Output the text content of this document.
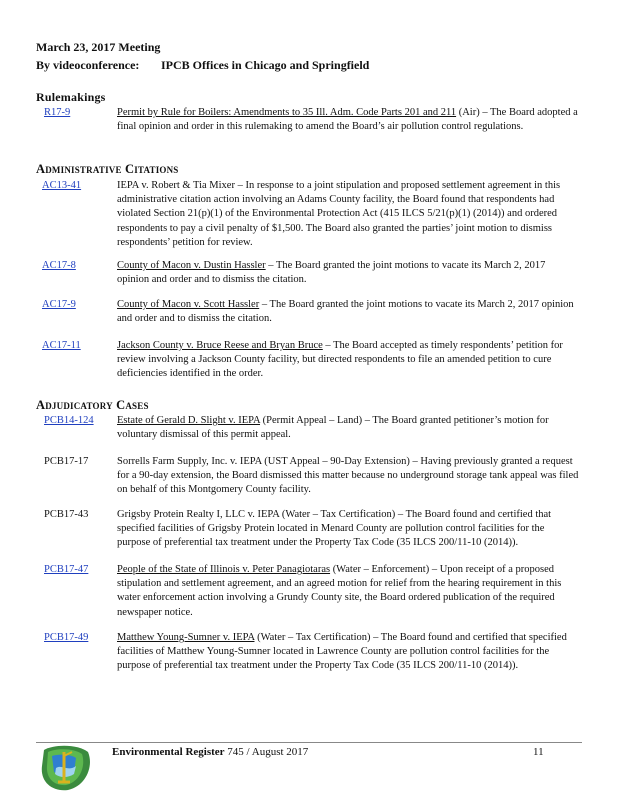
March 23, 2017 Meeting
By videoconference: IPCB Offices in Chicago and Springfield
Rulemakings
R17-9	Permit by Rule for Boilers: Amendments to 35 Ill. Adm. Code Parts 201 and 211 (Air) – The Board adopted a final opinion and order in this rulemaking to amend the Board’s air pollution control regulations.
Administrative Citations
AC13-41	IEPA v. Robert & Tia Mixer – In response to a joint stipulation and proposed settlement agreement in this administrative citation action involving an Adams County facility, the Board found that respondents had violated Section 21(p)(1) of the Environmental Protection Act (415 ILCS 5/21(p)(1) (2014)) and ordered respondents to pay a civil penalty of $1,500. The Board also granted the parties’ joint motion to dismiss respondents’ petition for review.
AC17-8	County of Macon v. Dustin Hassler – The Board granted the joint motions to vacate its March 2, 2017 opinion and order and to dismiss the citation.
AC17-9	County of Macon v. Scott Hassler – The Board granted the joint motions to vacate its March 2, 2017 opinion and order and to dismiss the citation.
AC17-11	Jackson County v. Bruce Reese and Bryan Bruce – The Board accepted as timely respondents’ petition for review involving a Jackson County facility, but directed respondents to file an amended petition to cure deficiencies identified in the order.
Adjudicatory Cases
PCB14-124 Estate of Gerald D. Slight v. IEPA (Permit Appeal – Land) – The Board granted petitioner’s motion for voluntary dismissal of this permit appeal.
PCB17-17	Sorrells Farm Supply, Inc. v. IEPA (UST Appeal – 90-Day Extension) – Having previously granted a request for a 90-day extension, the Board dismissed this matter because no underground storage tank appeal was filed on behalf of this Montgomery County facility.
PCB17-43	Grigsby Protein Realty I, LLC v. IEPA (Water – Tax Certification) – The Board found and certified that specified facilities of Grigsby Protein located in Menard County are pollution control facilities for the purpose of preferential tax treatment under the Property Tax Code (35 ILCS 200/11-10 (2014)).
PCB17-47	People of the State of Illinois v. Peter Panagiotaras (Water – Enforcement) – Upon receipt of a proposed stipulation and settlement agreement, and an agreed motion for relief from the hearing requirement in this water enforcement action involving a Grundy County site, the Board ordered publication of the required newspaper notice.
PCB17-49	Matthew Young-Sumner v. IEPA (Water – Tax Certification) – The Board found and certified that specified facilities of Matthew Young-Sumner located in Lawrence County are pollution control facilities for the purpose of preferential tax treatment under the Property Tax Code (35 ILCS 200/11-10 (2014)).
Environmental Register 745 / August 2017	11
